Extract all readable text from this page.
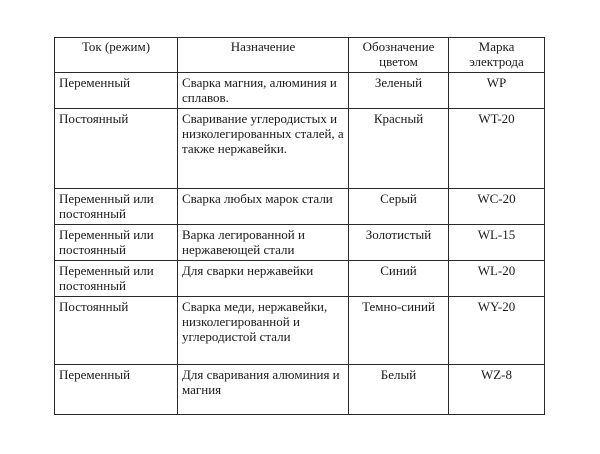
Ток (режим)	Назначение	Обозначение цветом	Марка электрода
Переменный	Сварка магния, алюминия и сплавов.	Зеленый	WP
Постоянный	Сваривание углеродистых и низколегированных сталей, а также нержавейки.	Красный	WT-20
Переменный или постоянный	Сварка любых марок стали	Серый	WC-20
Переменный или постоянный	Варка легированной и нержавеющей стали	Золотистый	WL-15
Переменный или постоянный	Для сварки нержавейки	Синий	WL-20
Постоянный	Сварка меди, нержавейки, низколегированной и углеродистой стали	Темно-синий	WY-20
Переменный	Для сваривания алюминия и магния	Белый	WZ-8
